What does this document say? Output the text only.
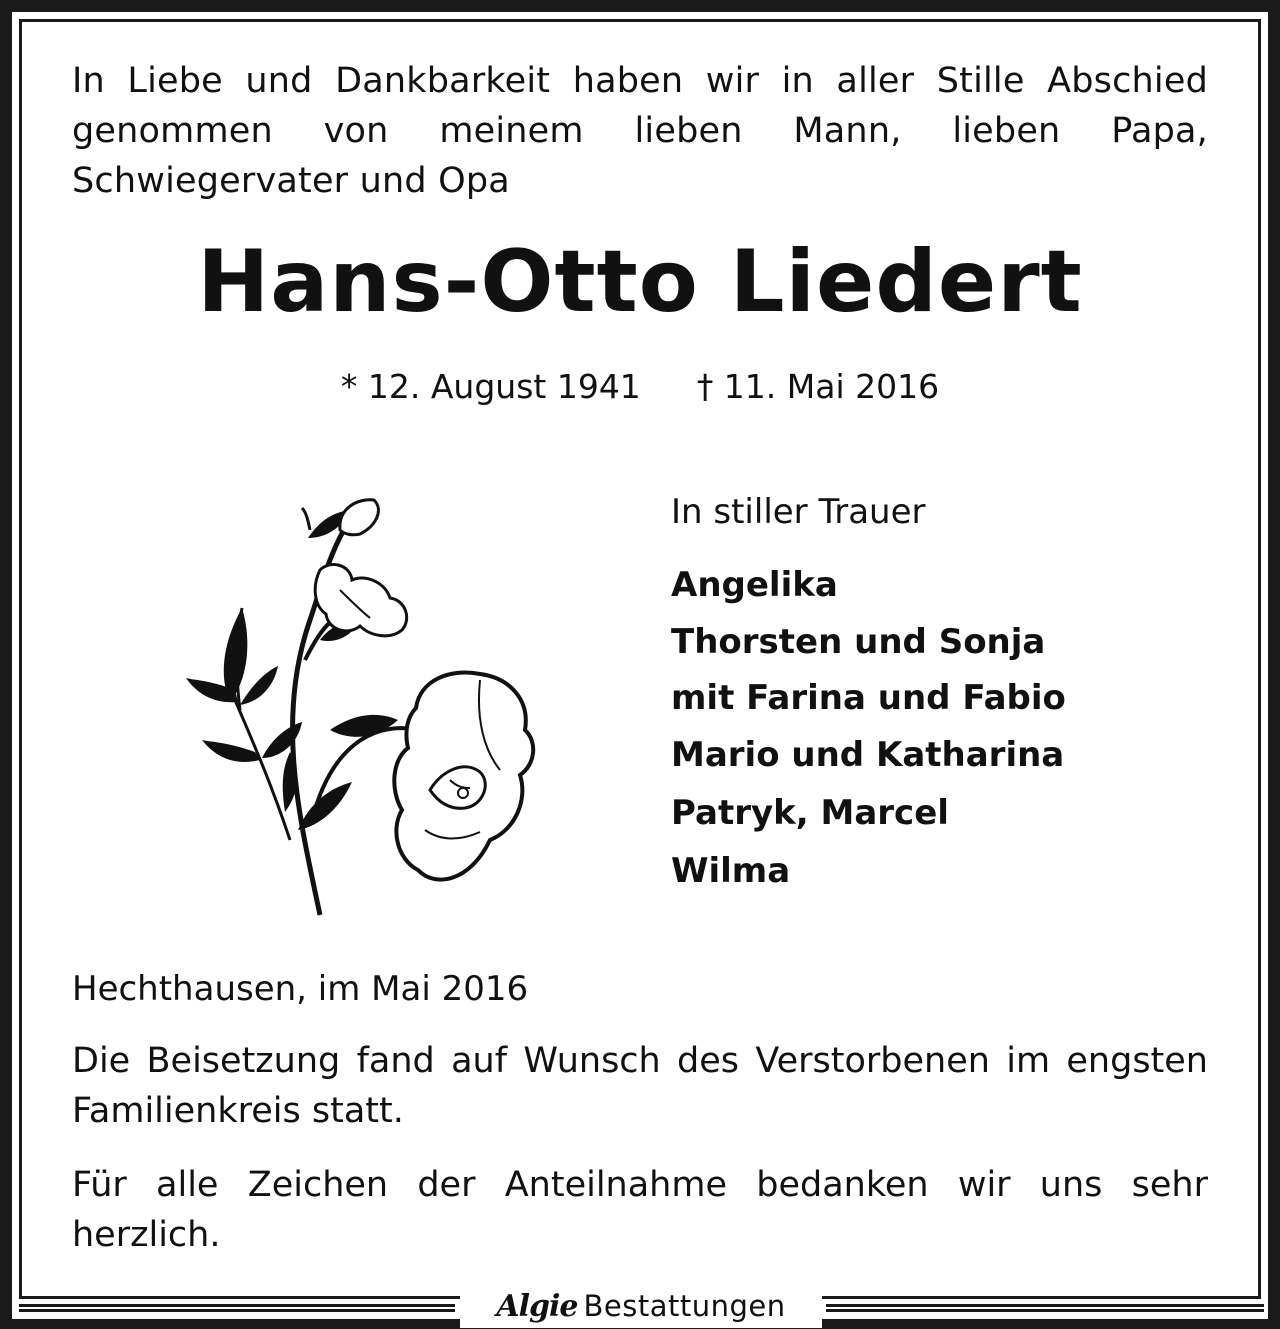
In Liebe und Dankbarkeit haben wir in aller Stille Abschied genommen von meinem lieben Mann, lieben Papa, Schwiegervater und Opa
Hans-Otto Liedert
* 12. August 1941 † 11. Mai 2016
In stiller Trauer
Angelika
Thorsten und Sonja
mit Farina und Fabio
Mario und Katharina
Patryk, Marcel
Wilma
Hechthausen, im Mai 2016
Die Beisetzung fand auf Wunsch des Verstorbenen im engsten Familienkreis statt.
Für alle Zeichen der Anteilnahme bedanken wir uns sehr herzlich.
Algie Bestattungen
